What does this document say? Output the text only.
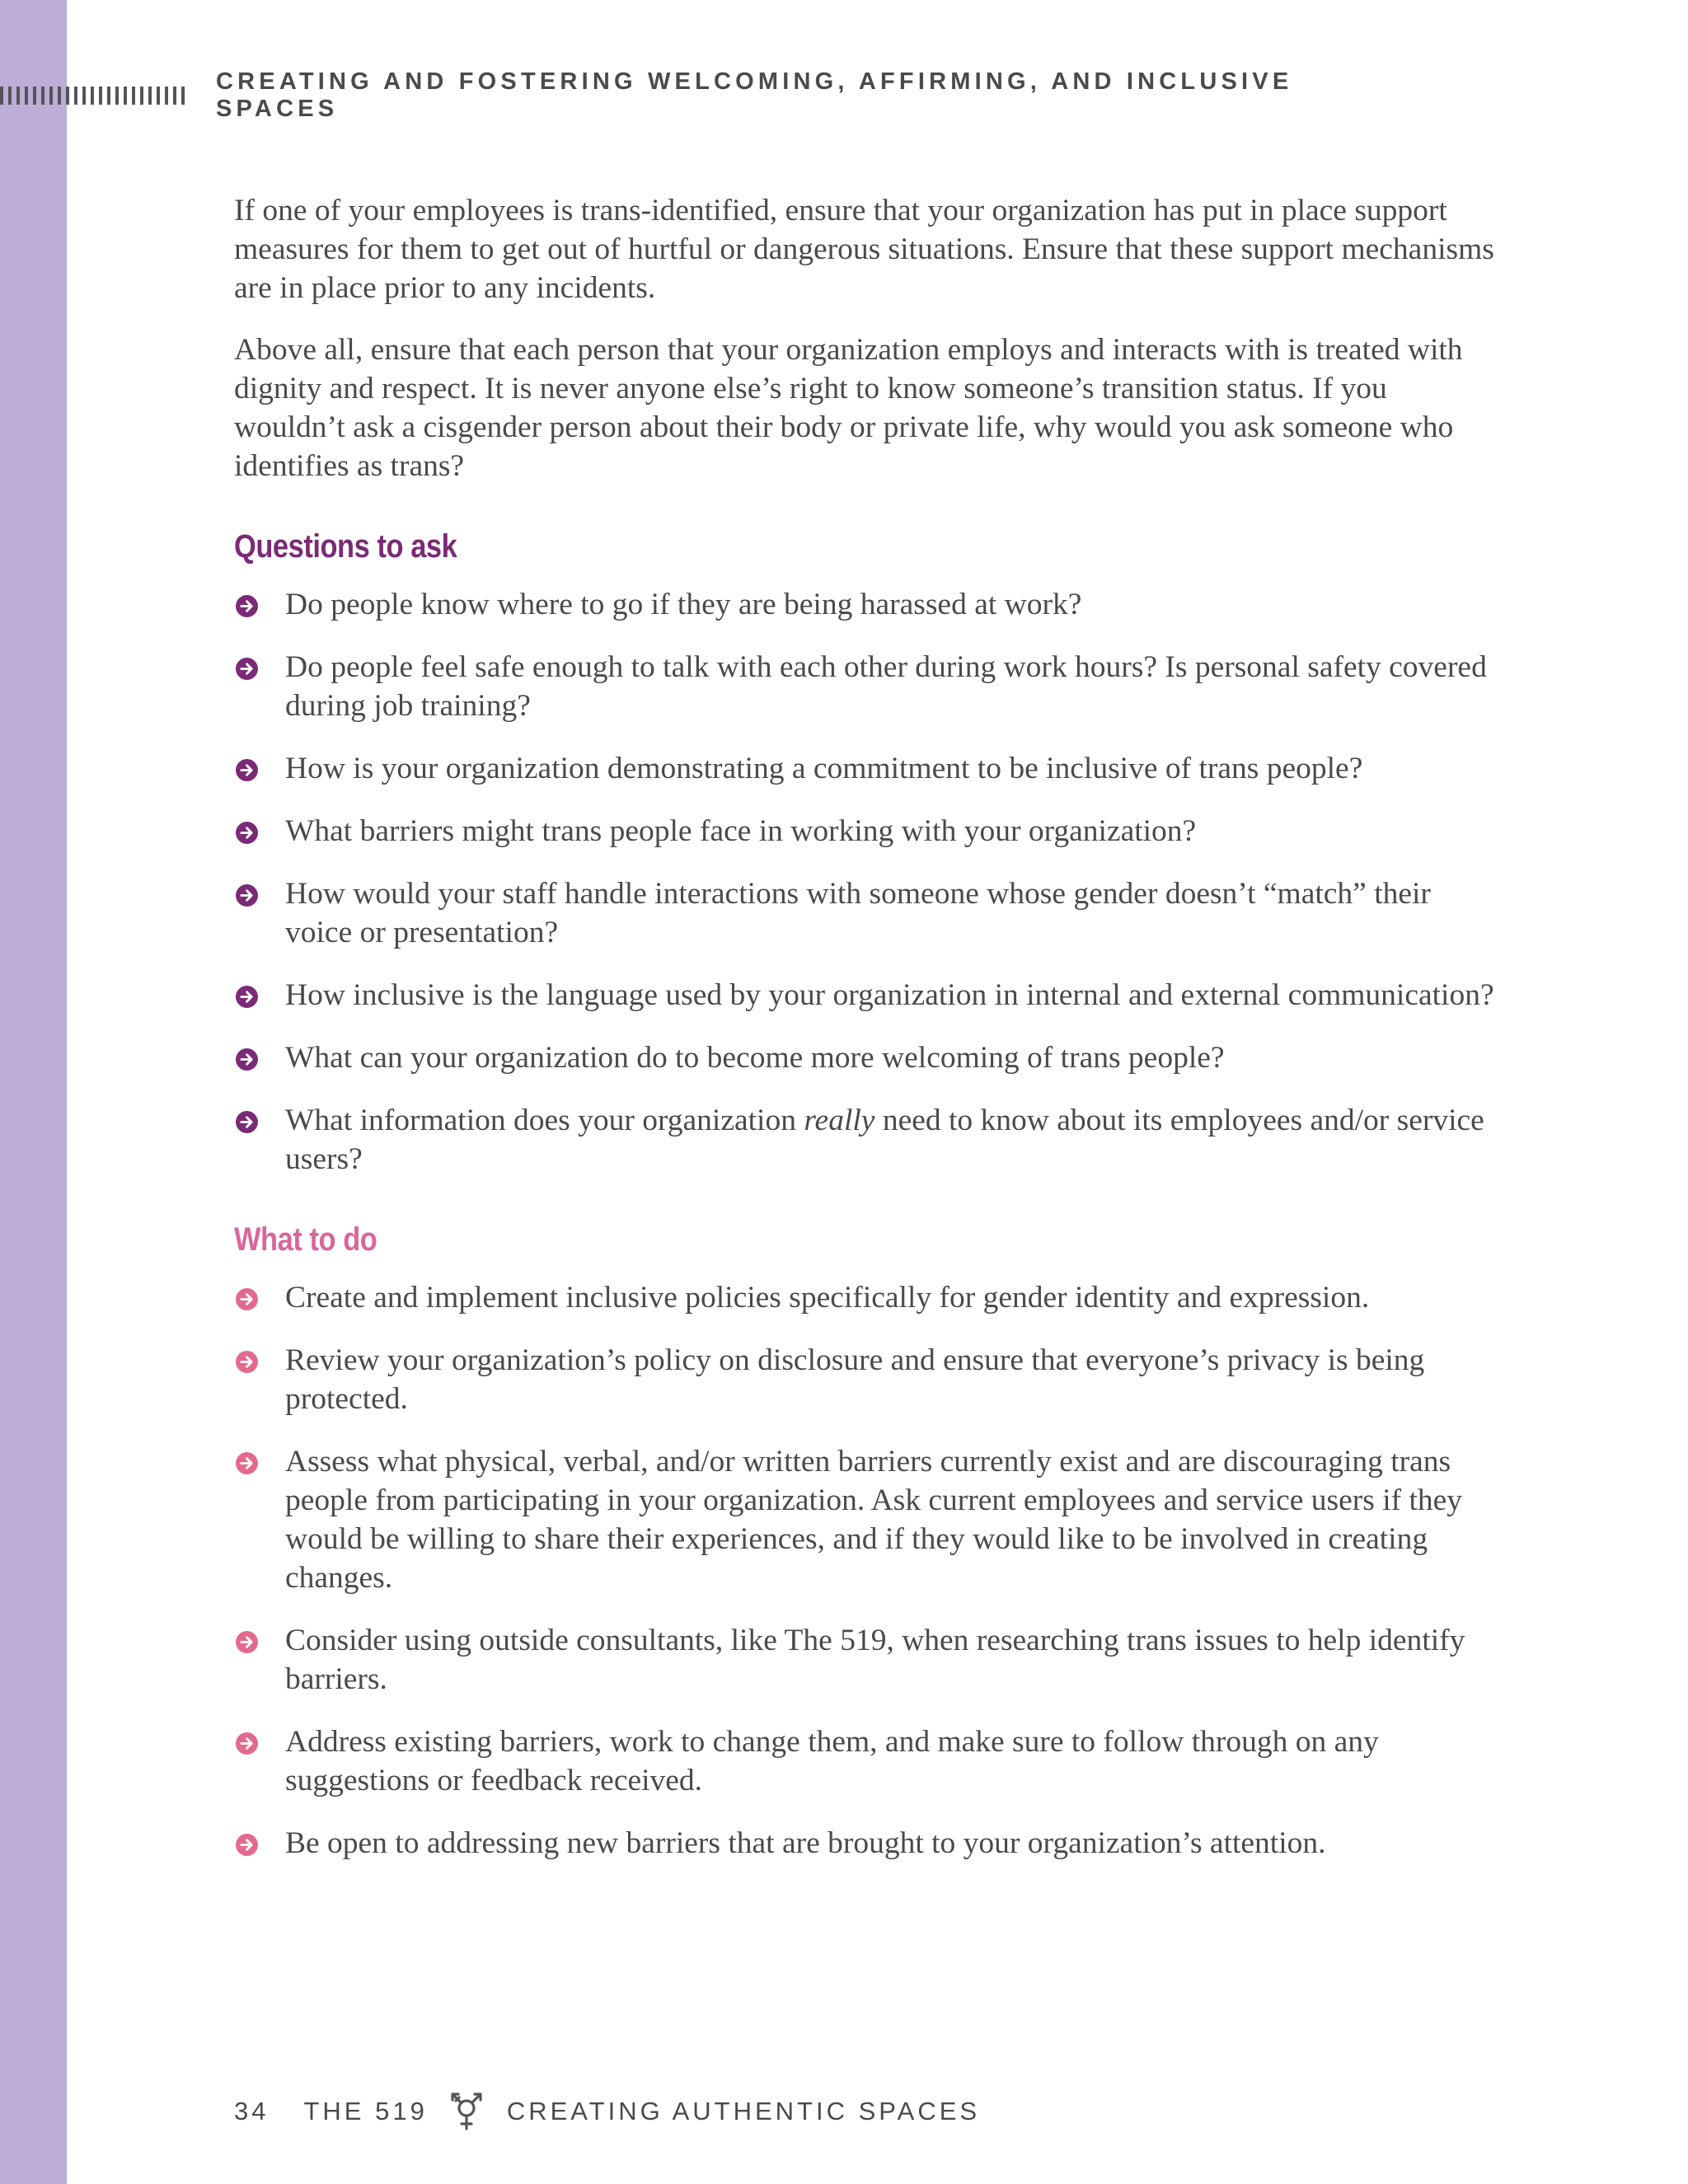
CREATING AND FOSTERING WELCOMING, AFFIRMING, AND INCLUSIVE SPACES

If one of your employees is trans-identified, ensure that your organization has put in place support measures for them to get out of hurtful or dangerous situations. Ensure that these support mechanisms are in place prior to any incidents.

Above all, ensure that each person that your organization employs and interacts with is treated with dignity and respect. It is never anyone else’s right to know someone’s transition status. If you wouldn’t ask a cisgender person about their body or private life, why would you ask someone who identifies as trans?

Questions to ask
Do people know where to go if they are being harassed at work?
Do people feel safe enough to talk with each other during work hours? Is personal safety covered during job training?
How is your organization demonstrating a commitment to be inclusive of trans people?
What barriers might trans people face in working with your organization?
How would your staff handle interactions with someone whose gender doesn’t “match” their voice or presentation?
How inclusive is the language used by your organization in internal and external communication?
What can your organization do to become more welcoming of trans people?
What information does your organization really need to know about its employees and/or service users?
What to do
Create and implement inclusive policies specifically for gender identity and expression.
Review your organization’s policy on disclosure and ensure that everyone’s privacy is being protected.
Assess what physical, verbal, and/or written barriers currently exist and are discouraging trans people from participating in your organization. Ask current employees and service users if they would be willing to share their experiences, and if they would like to be involved in creating changes.
Consider using outside consultants, like The 519, when researching trans issues to help identify barriers.
Address existing barriers, work to change them, and make sure to follow through on any suggestions or feedback received.
Be open to addressing new barriers that are brought to your organization’s attention.
34 THE 519	CREATING AUTHENTIC SPACES
